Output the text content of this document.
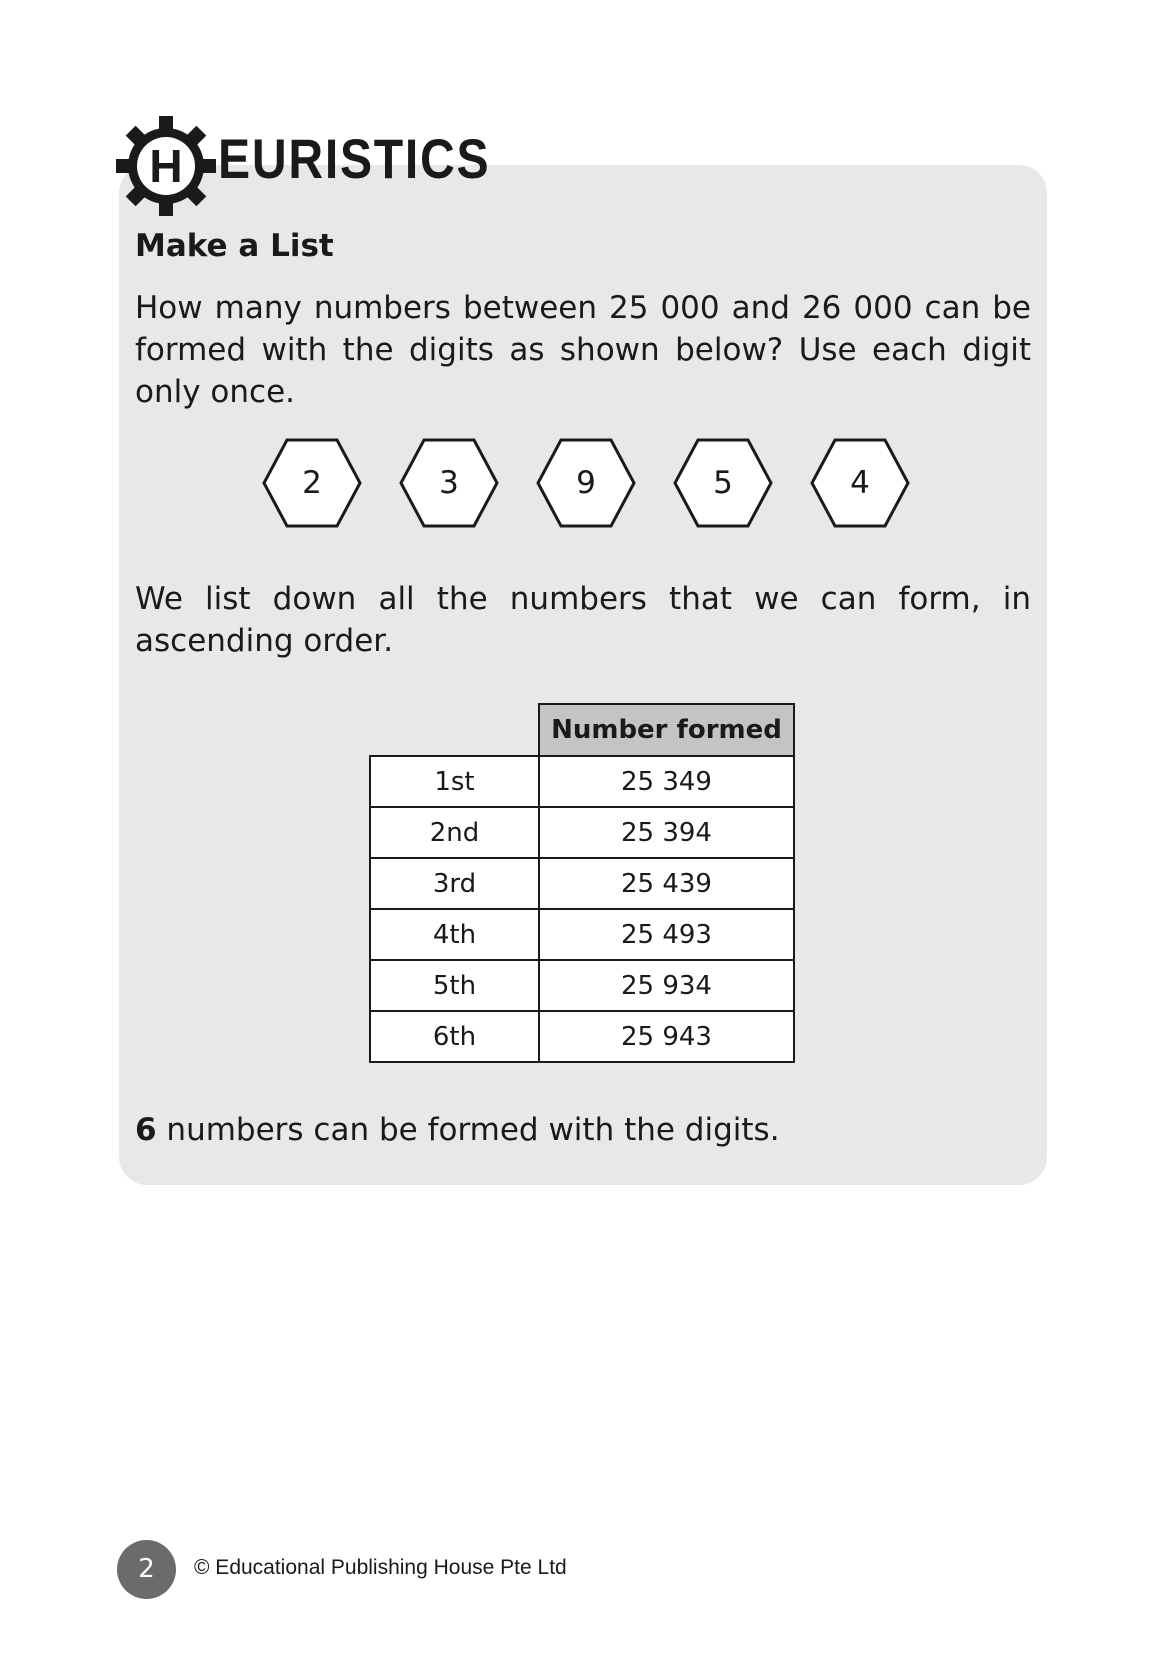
H EURISTICS
Make a List
How many numbers between 25 000 and 26 000 can be formed with the digits as shown below? Use each digit only once.
2	3	9	5	4
We list down all the numbers that we can form, in ascending order.
	Number formed
1st	25 349
2nd	25 394
3rd	25 439
4th	25 493
5th	25 934
6th	25 943
6 numbers can be formed with the digits.
2	© Educational Publishing House Pte Ltd
